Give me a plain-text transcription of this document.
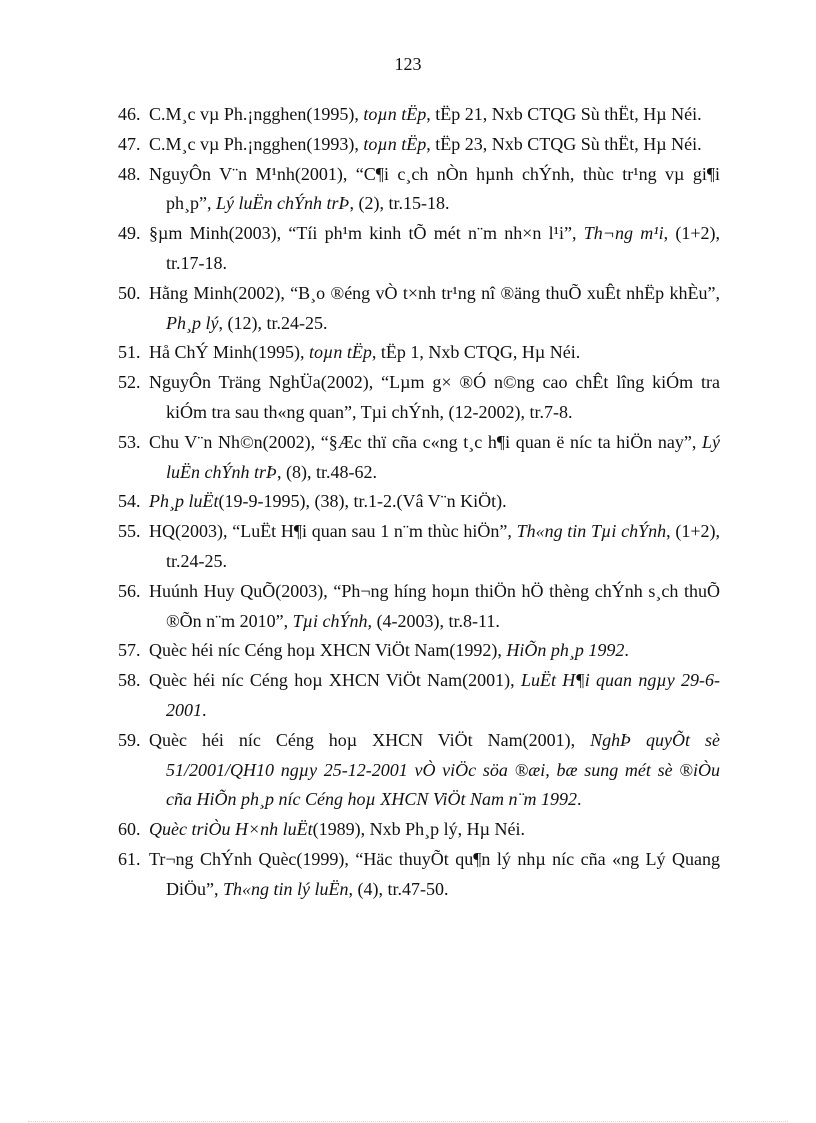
123
46. C.M¸c vµ Ph.¡ngghen(1995), toµn tËp, tËp 21, Nxb CTQG Sù thËt, Hµ Néi.
47. C.M¸c vµ Ph.¡ngghen(1993), toµn tËp, tËp 23, Nxb CTQG Sù thËt, Hµ Néi.
48. NguyÔn V¨n M¹nh(2001), “C¶i c¸ch nÒn hµnh chÝnh, thùc tr¹ng vµ gi¶i ph¸p”, Lý luËn chÝnh trÞ, (2), tr.15-18.
49. §µm Minh(2003), “Tíi ph¹m kinh tÕ mét n¨m nh×n l¹i”, Th¬ng m¹i, (1+2), tr.17-18.
50. Hằng Minh(2002), “B¸o ®éng vÒ t×nh tr¹ng nî ®äng thuÕ xuÊt nhËp khÈu”, Ph¸p lý, (12), tr.24-25.
51. Hå ChÝ Minh(1995), toµn tËp, tËp 1, Nxb CTQG, Hµ Néi.
52. NguyÔn Träng NghÜa(2002), “Lµm g× ®Ó n©ng cao chÊt lîng kiÓm tra kiÓm tra sau th«ng quan”, Tµi chÝnh, (12-2002), tr.7-8.
53. Chu V¨n Nh©n(2002), “§Æc thï cña c«ng t¸c h¶i quan ë níc ta hiÖn nay”, Lý luËn chÝnh trÞ, (8), tr.48-62.
54. Ph¸p luËt(19-9-1995), (38), tr.1-2.(Vâ V¨n KiÖt).
55. HQ(2003), “LuËt H¶i quan sau 1 n¨m thùc hiÖn”, Th«ng tin Tµi chÝnh, (1+2), tr.24-25.
56. Huúnh Huy QuÕ(2003), “Ph¬ng híng hoµn thiÖn hÖ thèng chÝnh s¸ch thuÕ ®Õn n¨m 2010”, Tµi chÝnh, (4-2003), tr.8-11.
57. Quèc héi níc Céng hoµ XHCN ViÖt Nam(1992), HiÕn ph¸p 1992.
58. Quèc héi níc Céng hoµ XHCN ViÖt Nam(2001), LuËt H¶i quan ngµy 29-6-2001.
59. Quèc héi níc Céng hoµ XHCN ViÖt Nam(2001), NghÞ quyÕt sè 51/2001/QH10 ngµy 25-12-2001 vÒ viÖc söa ®æi, bæ sung mét sè ®iÒu cña HiÕn ph¸p níc Céng hoµ XHCN ViÖt Nam n¨m 1992.
60. Quèc triÒu H×nh luËt(1989), Nxb Ph¸p lý, Hµ Néi.
61. Tr¬ng ChÝnh Quèc(1999), “Häc thuyÕt qu¶n lý nhµ níc cña «ng Lý Quang DiÖu”, Th«ng tin lý luËn, (4), tr.47-50.
